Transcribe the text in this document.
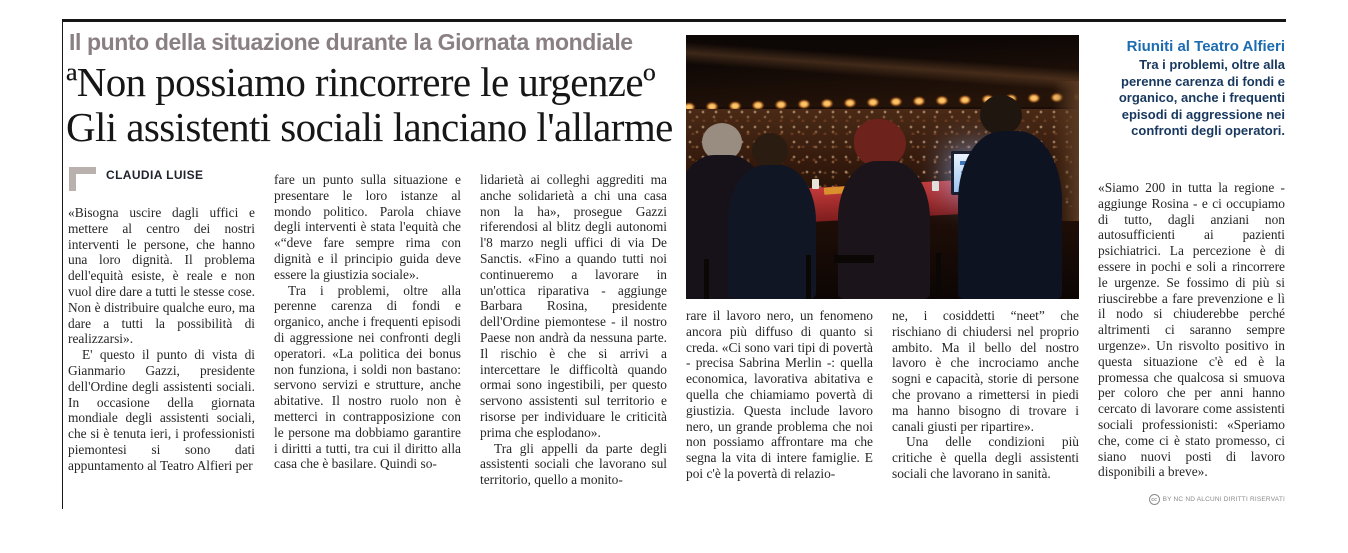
Il punto della situazione durante la Giornata mondiale
ªNon possiamo rincorrere le urgenzeº
Gli assistenti sociali lanciano l'allarme
CLAUDIA LUISE

«Bisogna uscire dagli uffici e mettere al centro dei nostri interventi le persone, che hanno una loro dignità. Il problema dell'equità esiste, è reale e non vuol dire dare a tutti le stesse cose. Non è distribuire qualche euro, ma dare a tutti la possibilità di realizzarsi».

E' questo il punto di vista di Gianmario Gazzi, presidente dell'Ordine degli assistenti sociali. In occasione della giornata mondiale degli assistenti sociali, che si è tenuta ieri, i professionisti piemontesi si sono dati appuntamento al Teatro Alfieri per

fare un punto sulla situazione e presentare le loro istanze al mondo politico. Parola chiave degli interventi è stata l'equità che «“deve fare sempre rima con dignità e il principio guida deve essere la giustizia sociale».

Tra i problemi, oltre alla perenne carenza di fondi e organico, anche i frequenti episodi di aggressione nei confronti degli operatori. «La politica dei bonus non funziona, i soldi non bastano: servono servizi e strutture, anche abitative. Il nostro ruolo non è metterci in contrapposizione con le persone ma dobbiamo garantire i diritti a tutti, tra cui il diritto alla casa che è basilare. Quindi so-

lidarietà ai colleghi aggrediti ma anche solidarietà a chi una casa non la ha», prosegue Gazzi riferendosi al blitz degli autonomi l'8 marzo negli uffici di via De Sanctis. «Fino a quando tutti noi continueremo a lavorare in un'ottica riparativa - aggiunge Barbara Rosina, presidente dell'Ordine piemontese - il nostro Paese non andrà da nessuna parte. Il rischio è che si arrivi a intercettare le difficoltà quando ormai sono ingestibili, per questo servono assistenti sul territorio e risorse per individuare le criticità prima che esplodano».

Tra gli appelli da parte degli assistenti sociali che lavorano sul territorio, quello a monito-

rare il lavoro nero, un fenomeno ancora più diffuso di quanto si creda. «Ci sono vari tipi di povertà - precisa Sabrina Merlin -: quella economica, lavorativa abitativa e quella che chiamiamo povertà di giustizia. Questa include lavoro nero, un grande problema che noi non possiamo affrontare ma che segna la vita di intere famiglie. E poi c'è la povertà di relazio-

ne, i cosiddetti “neet” che rischiano di chiudersi nel proprio ambito. Ma il bello del nostro lavoro è che incrociamo anche sogni e capacità, storie di persone che provano a rimettersi in piedi ma hanno bisogno di trovare i canali giusti per ripartire».

Una delle condizioni più critiche è quella degli assistenti sociali che lavorano in sanità.

«Siamo 200 in tutta la regione - aggiunge Rosina - e ci occupiamo di tutto, dagli anziani non autosufficienti ai pazienti psichiatrici. La percezione è di essere in pochi e soli a rincorrere le urgenze. Se fossimo di più si riuscirebbe a fare prevenzione e lì il nodo si chiuderebbe perché altrimenti ci saranno sempre urgenze». Un risvolto positivo in questa situazione c'è ed è la promessa che qualcosa si smuova per coloro che per anni hanno cercato di lavorare come assistenti sociali professionisti: «Speriamo che, come ci è stato promesso, ci siano nuovi posti di lavoro disponibili a breve».

Riuniti al Teatro Alfieri
Tra i problemi, oltre alla perenne carenza di fondi e organico, anche i frequenti episodi di aggressione nei confronti degli operatori.
cc BY NC ND ALCUNI DIRITTI RISERVATI
